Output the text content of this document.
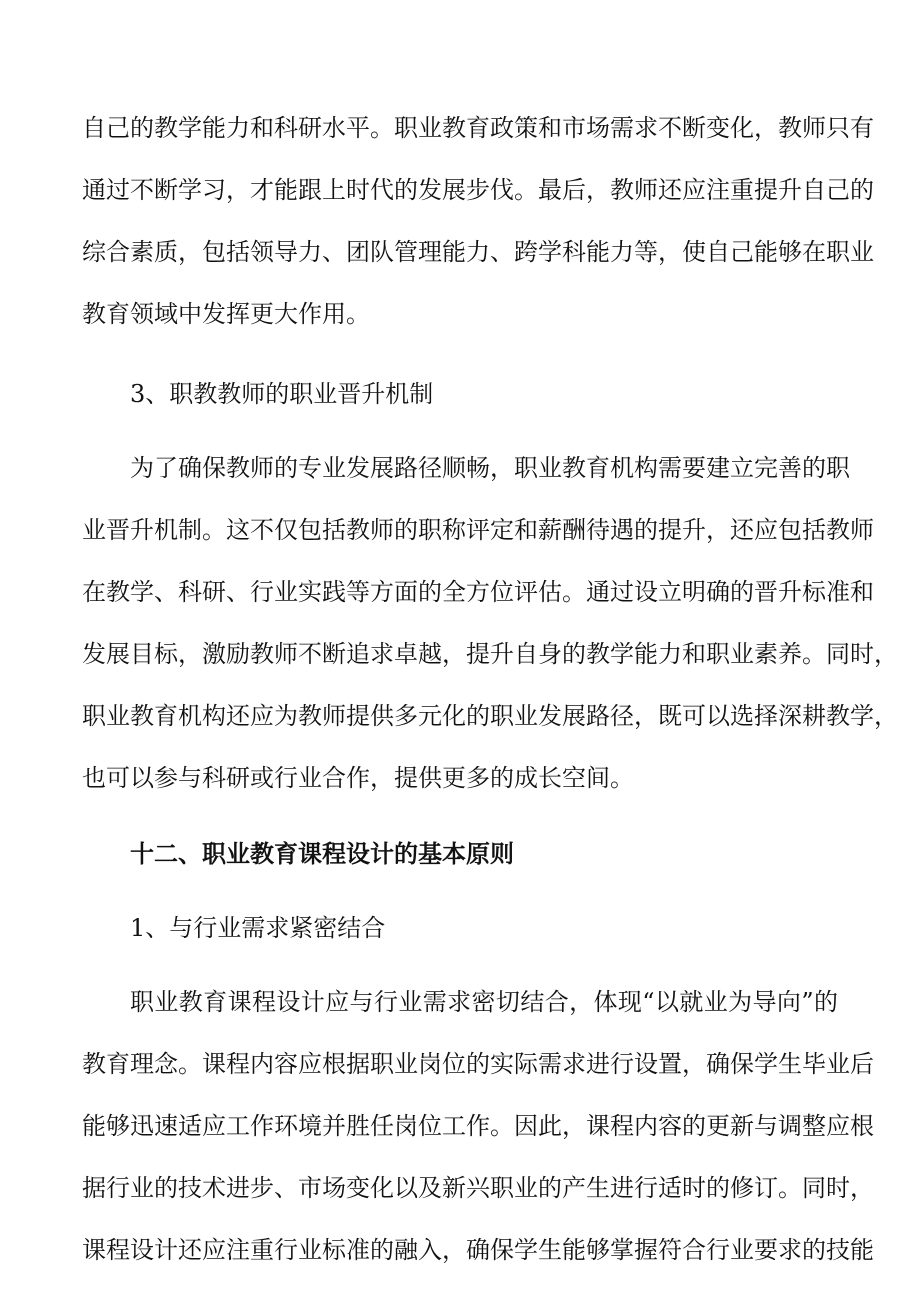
自己的教学能力和科研水平。职业教育政策和市场需求不断变化，教师只有
通过不断学习，才能跟上时代的发展步伐。最后，教师还应注重提升自己的
综合素质，包括领导力、团队管理能力、跨学科能力等，使自己能够在职业
教育领域中发挥更大作用。
3、职教教师的职业晋升机制
为了确保教师的专业发展路径顺畅，职业教育机构需要建立完善的职
业晋升机制。这不仅包括教师的职称评定和薪酬待遇的提升，还应包括教师
在教学、科研、行业实践等方面的全方位评估。通过设立明确的晋升标准和
发展目标，激励教师不断追求卓越，提升自身的教学能力和职业素养。同时，
职业教育机构还应为教师提供多元化的职业发展路径，既可以选择深耕教学，
也可以参与科研或行业合作，提供更多的成长空间。
十二、职业教育课程设计的基本原则
1、与行业需求紧密结合
职业教育课程设计应与行业需求密切结合，体现“以就业为导向”的
教育理念。课程内容应根据职业岗位的实际需求进行设置，确保学生毕业后
能够迅速适应工作环境并胜任岗位工作。因此，课程内容的更新与调整应根
据行业的技术进步、市场变化以及新兴职业的产生进行适时的修订。同时，
课程设计还应注重行业标准的融入，确保学生能够掌握符合行业要求的技能
